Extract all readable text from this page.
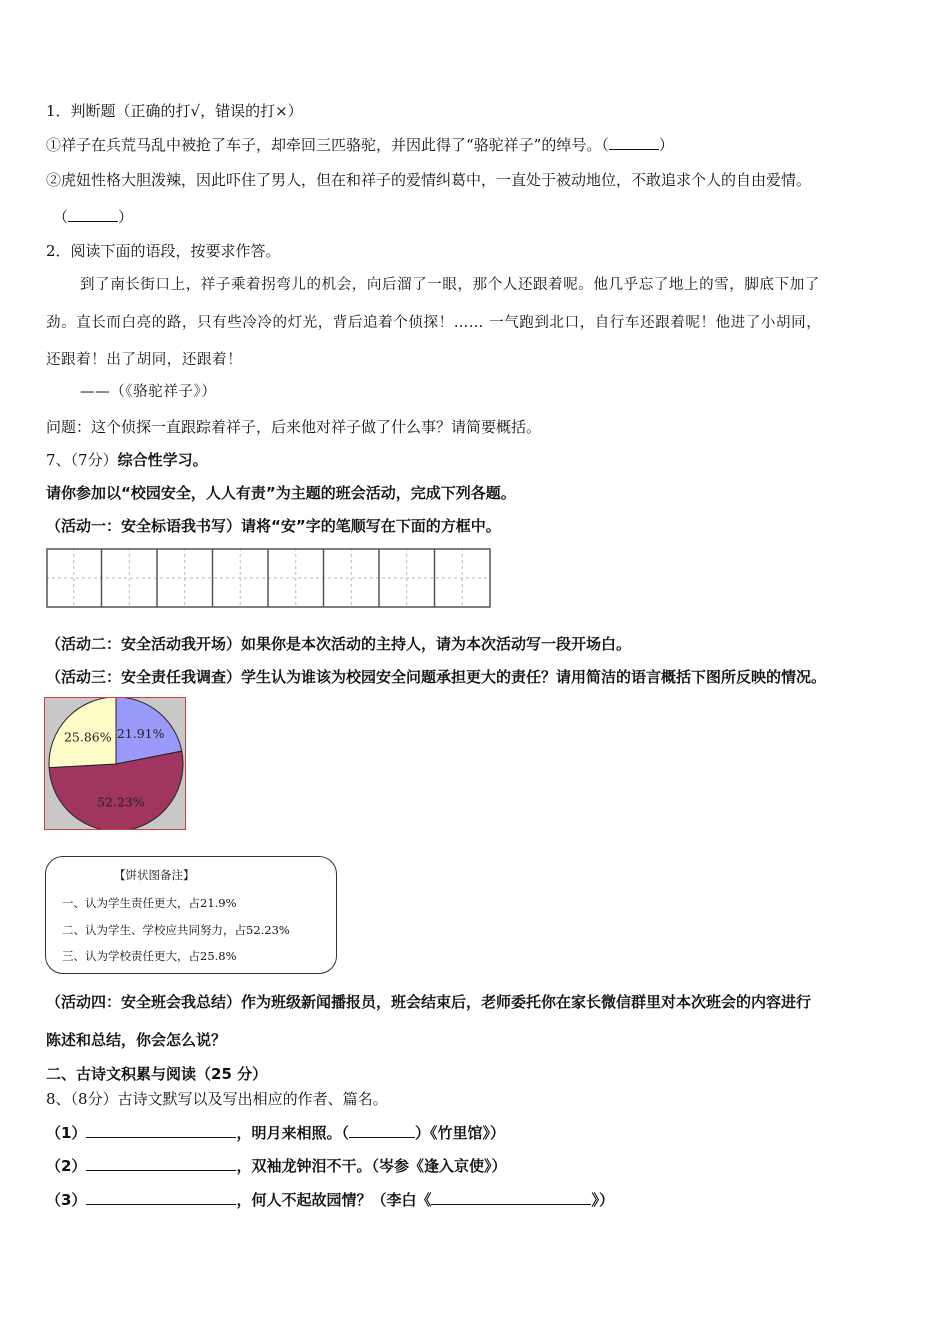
1．判断题（正确的打√，错误的打×）
①祥子在兵荒马乱中被抢了车子，却牵回三匹骆驼，并因此得了“骆驼祥子”的绰号。（	）
②虎妞性格大胆泼辣，因此吓住了男人，但在和祥子的爱情纠葛中，一直处于被动地位，不敢追求个人的自由爱情。
（	）
2．阅读下面的语段，按要求作答。
到了南长街口上，祥子乘着拐弯儿的机会，向后溜了一眼，那个人还跟着呢。他几乎忘了地上的雪，脚底下加了
劲。直长而白亮的路，只有些冷冷的灯光，背后追着个侦探！…… 一气跑到北口，自行车还跟着呢！他进了小胡同，
还跟着！出了胡同，还跟着！
——（《骆驼祥子》）
问题：这个侦探一直跟踪着祥子，后来他对祥子做了什么事？请简要概括。
7、（7分）综合性学习。
请你参加以“校园安全，人人有责”为主题的班会活动，完成下列各题。
（活动一：安全标语我书写）请将“安”字的笔顺写在下面的方框中。
（活动二：安全活动我开场）如果你是本次活动的主持人，请为本次活动写一段开场白。
（活动三：安全责任我调查）学生认为谁该为校园安全问题承担更大的责任？请用简洁的语言概括下图所反映的情况。
21.91%
52.23%
25.86%
【饼状图备注】
一、认为学生责任更大，占21.9%
二、认为学生、学校应共同努力，占52.23%
三、认为学校责任更大，占25.8%
（活动四：安全班会我总结）作为班级新闻播报员，班会结束后，老师委托你在家长微信群里对本次班会的内容进行
陈述和总结，你会怎么说？
二、古诗文积累与阅读（25 分）
8、（8分）古诗文默写以及写出相应的作者、篇名。
（1）	，明月来相照。（	）《竹里馆》）
（2）	，双袖龙钟泪不干。（岑参《逢入京使》）
（3）	，何人不起故园情？（李白《	》）
